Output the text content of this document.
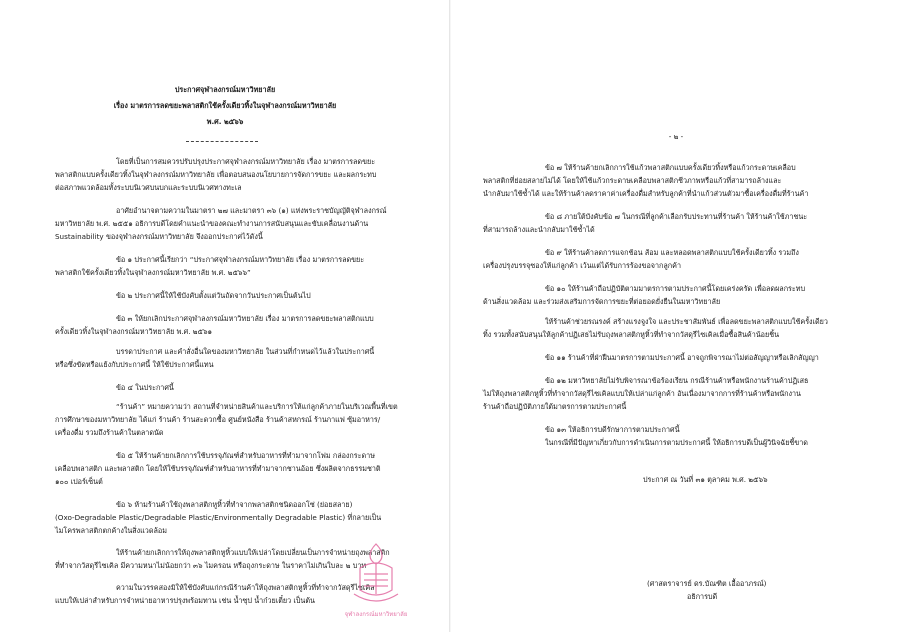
ประกาศจุฬาลงกรณ์มหาวิทยาลัย
เรื่อง มาตรการลดขยะพลาสติกใช้ครั้งเดียวทิ้งในจุฬาลงกรณ์มหาวิทยาลัย
พ.ศ. ๒๕๖๖
โดยที่เป็นการสมควรปรับปรุงประกาศจุฬาลงกรณ์มหาวิทยาลัย เรื่อง มาตรการลดขยะ
พลาสติกแบบครั้งเดียวทิ้งในจุฬาลงกรณ์มหาวิทยาลัย เพื่อตอบสนองนโยบายการจัดการขยะ และผลกระทบ
ต่อสภาพแวดล้อมทั้งระบบนิเวศบนบกและระบบนิเวศทางทะเล
อาศัยอำนาจตามความในมาตรา ๒๗ และมาตรา ๓๖ (๑) แห่งพระราชบัญญัติจุฬาลงกรณ์
มหาวิทยาลัย พ.ศ. ๒๕๕๑ อธิการบดีโดยคำแนะนำของคณะทำงานการสนับสนุนและขับเคลื่อนงานด้าน
Sustainability ของจุฬาลงกรณ์มหาวิทยาลัย จึงออกประกาศไว้ดังนี้
ข้อ ๑ ประกาศนี้เรียกว่า “ประกาศจุฬาลงกรณ์มหาวิทยาลัย เรื่อง มาตรการลดขยะ
พลาสติกใช้ครั้งเดียวทิ้งในจุฬาลงกรณ์มหาวิทยาลัย พ.ศ. ๒๕๖๖”
ข้อ ๒ ประกาศนี้ให้ใช้บังคับตั้งแต่วันถัดจากวันประกาศเป็นต้นไป
ข้อ ๓ ให้ยกเลิกประกาศจุฬาลงกรณ์มหาวิทยาลัย เรื่อง มาตรการลดขยะพลาสติกแบบ
ครั้งเดียวทิ้งในจุฬาลงกรณ์มหาวิทยาลัย พ.ศ. ๒๕๖๑
บรรดาประกาศ และคำสั่งอื่นใดของมหาวิทยาลัย ในส่วนที่กำหนดไว้แล้วในประกาศนี้
หรือซึ่งขัดหรือแย้งกับประกาศนี้ ให้ใช้ประกาศนี้แทน
ข้อ ๔ ในประกาศนี้
“ร้านค้า” หมายความว่า สถานที่จำหน่ายสินค้าและบริการให้แก่ลูกค้าภายในบริเวณพื้นที่เขต
การศึกษาของมหาวิทยาลัย ได้แก่ ร้านค้า ร้านสะดวกซื้อ ศูนย์หนังสือ ร้านค้าสหกรณ์ ร้านกาแฟ ซุ้มอาหาร/
เครื่องดื่ม รวมถึงร้านค้าในตลาดนัด
ข้อ ๕ ให้ร้านค้ายกเลิกการใช้บรรจุภัณฑ์สำหรับอาหารที่ทำมาจากโฟม กล่องกระดาษ
เคลือบพลาสติก และพลาสติก โดยให้ใช้บรรจุภัณฑ์สำหรับอาหารที่ทำมาจากชานอ้อย ซึ่งผลิตจากธรรมชาติ
๑๐๐ เปอร์เซ็นต์
ข้อ ๖ ห้ามร้านค้าใช้ถุงพลาสติกหูหิ้วที่ทำจากพลาสติกชนิดออกโซ่ (ย่อยสลาย)
(Oxo-Degradable Plastic/Degradable Plastic/Environmentally Degradable Plastic) ที่กลายเป็น
ไมโครพลาสติกตกค้างในสิ่งแวดล้อม
ให้ร้านค้ายกเลิกการให้ถุงพลาสติกหูหิ้วแบบให้เปล่าโดยเปลี่ยนเป็นการจำหน่ายถุงพลาสติก
ที่ทำจากวัสดุรีไซเคิล มีความหนาไม่น้อยกว่า ๓๖ ไมครอน หรือถุงกระดาษ ในราคาไม่เกินใบละ ๒ บาท
ความในวรรคสองมิให้ใช้บังคับแก่กรณีร้านค้าให้ถุงพลาสติกหูหิ้วที่ทำจากวัสดุรีไซเคิล
แบบให้เปล่าสำหรับการจำหน่ายอาหารปรุงพร้อมทาน เช่น น้ำซุป น้ำก๋วยเตี๋ยว เป็นต้น
จุฬาลงกรณ์มหาวิทยาลัย
- ๒ -
ข้อ ๗ ให้ร้านค้ายกเลิกการใช้แก้วพลาสติกแบบครั้งเดียวทิ้งหรือแก้วกระดาษเคลือบ
พลาสติกที่ย่อยสลายไม่ได้ โดยให้ใช้แก้วกระดาษเคลือบพลาสติกชีวภาพหรือแก้วที่สามารถล้างและ
นำกลับมาใช้ซ้ำได้ และให้ร้านค้าลดราคาค่าเครื่องดื่มสำหรับลูกค้าที่นำแก้วส่วนตัวมาซื้อเครื่องดื่มที่ร้านค้า
ข้อ ๘ ภายใต้บังคับข้อ ๗ ในกรณีที่ลูกค้าเลือกรับประทานที่ร้านค้า ให้ร้านค้าใช้ภาชนะ
ที่สามารถล้างและนำกลับมาใช้ซ้ำได้
ข้อ ๙ ให้ร้านค้าลดการแจกช้อน ส้อม และหลอดพลาสติกแบบใช้ครั้งเดียวทิ้ง รวมถึง
เครื่องปรุงบรรจุซองให้แก่ลูกค้า เว้นแต่ได้รับการร้องขอจากลูกค้า
ข้อ ๑๐ ให้ร้านค้าถือปฏิบัติตามมาตรการตามประกาศนี้โดยเคร่งครัด เพื่อลดผลกระทบ
ด้านสิ่งแวดล้อม และร่วมส่งเสริมการจัดการขยะที่ต่อยอดยั่งยืนในมหาวิทยาลัย
ให้ร้านค้าช่วยรณรงค์ สร้างแรงจูงใจ และประชาสัมพันธ์ เพื่อลดขยะพลาสติกแบบใช้ครั้งเดียว
ทิ้ง รวมทั้งสนับสนุนให้ลูกค้าปฏิเสธไม่รับถุงพลาสติกหูหิ้วที่ทำจากวัสดุรีไซเคิลเมื่อซื้อสินค้าน้อยชิ้น
ข้อ ๑๑ ร้านค้าที่ฝ่าฝืนมาตรการตามประกาศนี้ อาจถูกพิจารณาไม่ต่อสัญญาหรือเลิกสัญญา
ข้อ ๑๒ มหาวิทยาลัยไม่รับพิจารณาข้อร้องเรียน กรณีร้านค้าหรือพนักงานร้านค้าปฏิเสธ
ไม่ให้ถุงพลาสติกหูหิ้วที่ทำจากวัสดุรีไซเคิลแบบให้เปล่าแก่ลูกค้า อันเนื่องมาจากการที่ร้านค้าหรือพนักงาน
ร้านค้าถือปฏิบัติภายใต้มาตรการตามประกาศนี้
ข้อ ๑๓ ให้อธิการบดีรักษาการตามประกาศนี้
ในกรณีที่มีปัญหาเกี่ยวกับการดำเนินการตามประกาศนี้ ให้อธิการบดีเป็นผู้วินิจฉัยชี้ขาด
ประกาศ ณ วันที่ ๓๑ ตุลาคม พ.ศ. ๒๕๖๖
(ศาสตราจารย์ ดร.บัณฑิต เอื้ออาภรณ์)
อธิการบดี
